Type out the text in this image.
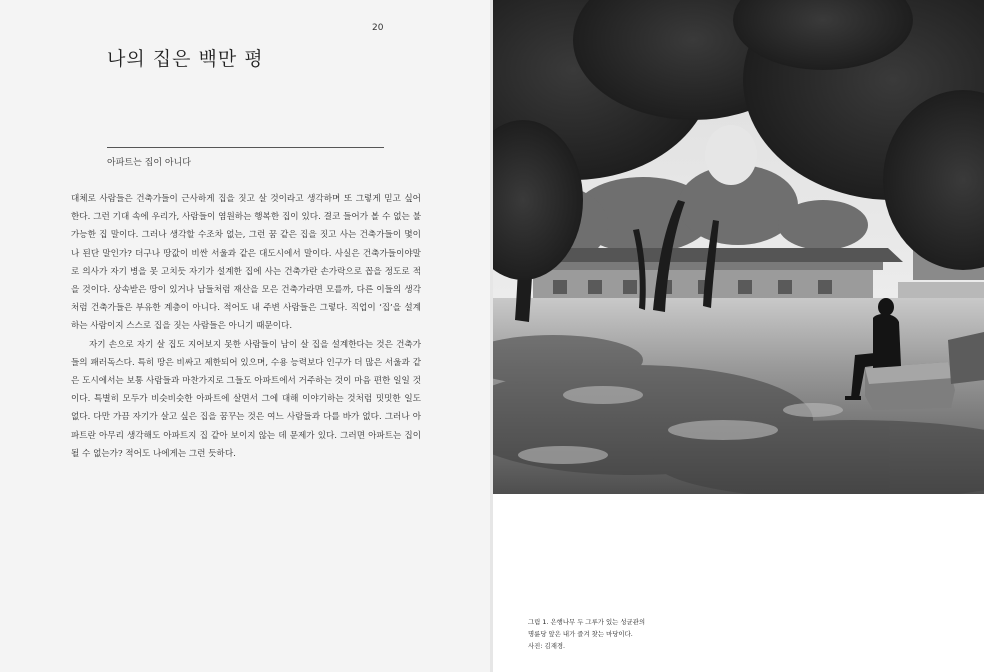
20
나의 집은 백만 평
아파트는 집이 아니다

대체로 사람들은 건축가들이 근사하게 집을 짓고 살 것이라고 생각하며 또 그렇게 믿고 싶어 한다. 그런 기대 속에 우리가, 사람들이 염원하는 행복한 집이 있다. 결코 들어가 볼 수 없는 불가능한 집 말이다. 그러나 생각할 수조차 없는, 그런 꿈 같은 집을 짓고 사는 건축가들이 몇이나 된단 말인가? 더구나 땅값이 비싼 서울과 같은 대도시에서 말이다. 사실은 건축가들이야말로 의사가 자기 병을 못 고치듯 자기가 설계한 집에 사는 건축가란 손가락으로 꼽을 정도로 적을 것이다. 상속받은 땅이 있거나 남들처럼 재산을 모은 건축가라면 모를까, 다른 이들의 생각처럼 건축가들은 부유한 계층이 아니다. 적어도 내 주변 사람들은 그렇다. 직업이 ‘집’을 설계하는 사람이지 스스로 집을 짓는 사람들은 아니기 때문이다.

자기 손으로 자기 살 집도 지어보지 못한 사람들이 남이 살 집을 설계한다는 것은 건축가들의 패러독스다. 특히 땅은 비싸고 제한되어 있으며, 수용 능력보다 인구가 더 많은 서울과 같은 도시에서는 보통 사람들과 마찬가지로 그들도 아파트에서 거주하는 것이 마음 편한 일일 것이다. 특별히 모두가 비슷비슷한 아파트에 살면서 그에 대해 이야기하는 것처럼 밋밋한 일도 없다. 다만 가끔 자기가 살고 싶은 집을 꿈꾸는 것은 여느 사람들과 다를 바가 없다. 그러나 아파트란 아무리 생각해도 아파트지 집 같아 보이지 않는 데 문제가 있다. 그러면 아파트는 집이 될 수 없는가? 적어도 나에게는 그런 듯하다.

그림 1. 은행나무 두 그루가 있는 성균관의
명륜당 앞은 내가 즐겨 찾는 마당이다.
사진: 김재경.
